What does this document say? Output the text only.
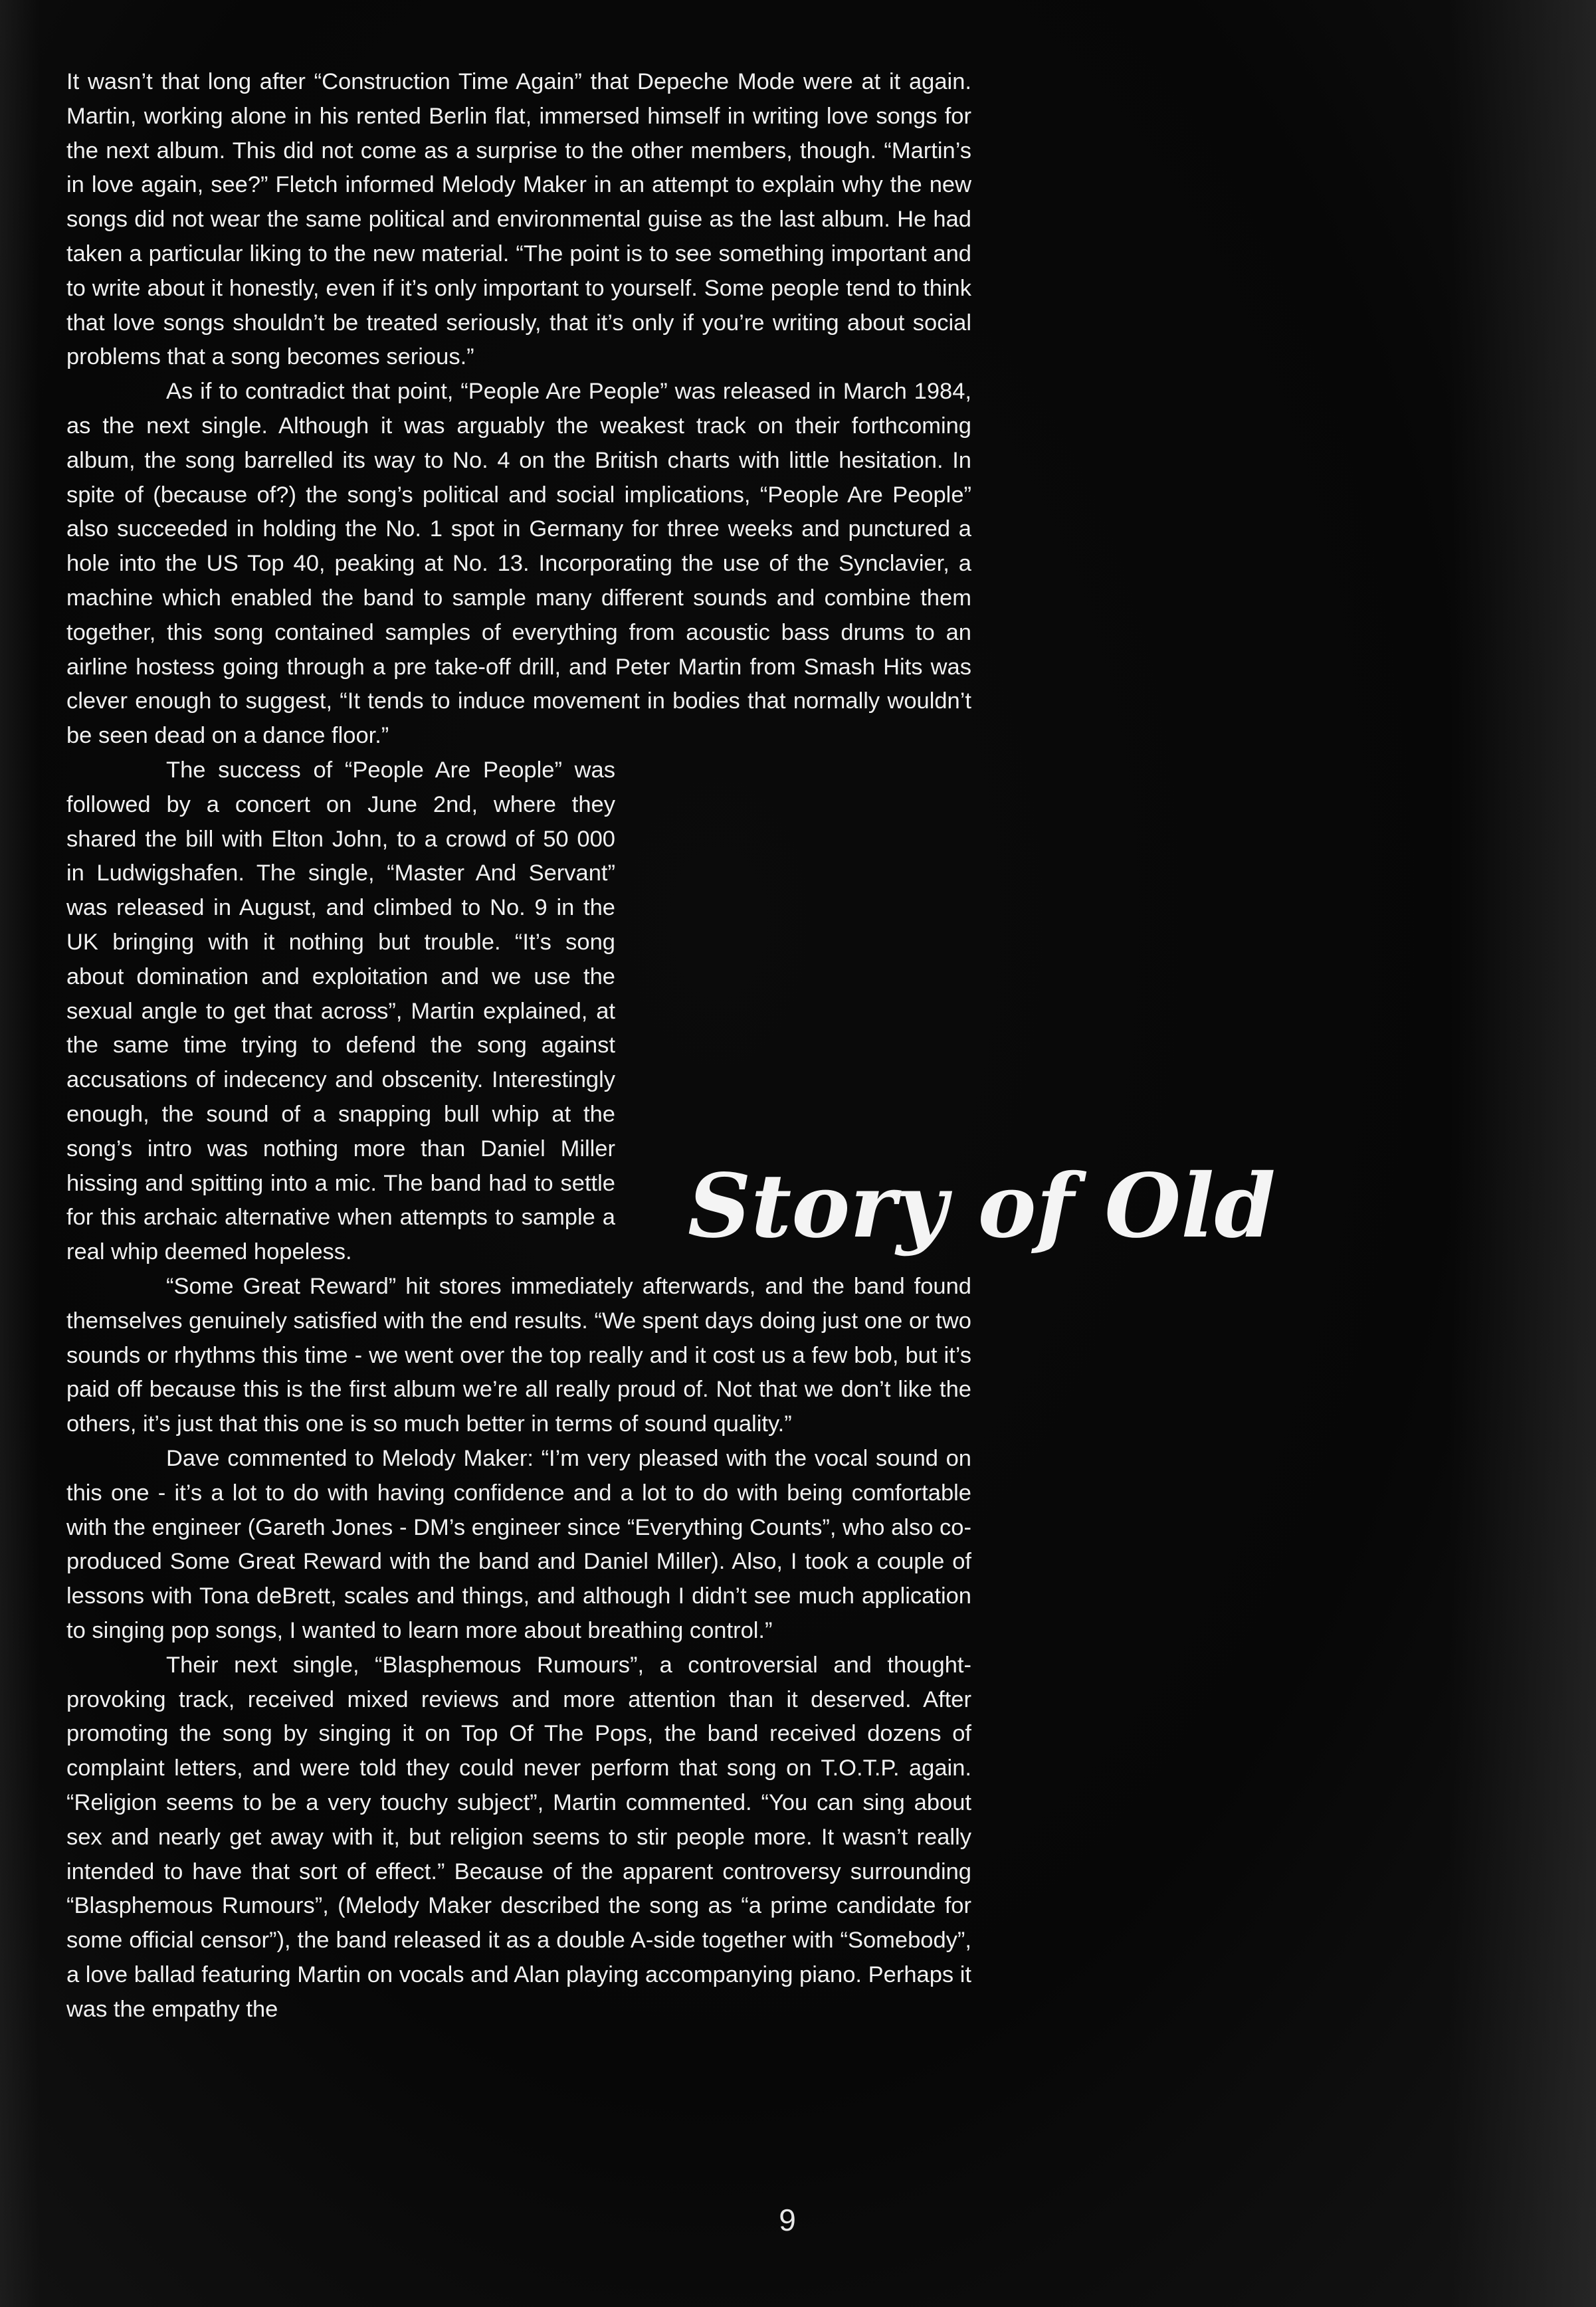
It wasn’t that long after “Construction Time Again” that Depeche Mode were at it again. Martin, working alone in his rented Berlin flat, immersed himself in writing love songs for the next album. This did not come as a surprise to the other members, though. “Martin’s in love again, see?” Fletch informed Melody Maker in an attempt to explain why the new songs did not wear the same political and environmental guise as the last album. He had taken a particular liking to the new material. “The point is to see something important and to write about it honestly, even if it’s only important to yourself. Some people tend to think that love songs shouldn’t be treated seriously, that it’s only if you’re writing about social problems that a song becomes serious.”

As if to contradict that point, “People Are People” was released in March 1984, as the next single. Although it was arguably the weakest track on their forthcoming album, the song barrelled its way to No. 4 on the British charts with little hesitation. In spite of (because of?) the song’s political and social implications, “People Are People” also succeeded in holding the No. 1 spot in Germany for three weeks and punctured a hole into the US Top 40, peaking at No. 13. Incorporating the use of the Synclavier, a machine which enabled the band to sample many different sounds and combine them together, this song contained samples of everything from acoustic bass drums to an airline hostess going through a pre take-off drill, and Peter Martin from Smash Hits was clever enough to suggest, “It tends to induce movement in bodies that normally wouldn’t be seen dead on a dance floor.”

The success of “People Are People” was followed by a concert on June 2nd, where they shared the bill with Elton John, to a crowd of 50 000 in Ludwigshafen. The single, “Master And Servant” was released in August, and climbed to No. 9 in the UK bringing with it nothing but trouble. “It’s song about domination and exploitation and we use the sexual angle to get that across”, Martin explained, at the same time trying to defend the song against accusations of indecency and obscenity. Interestingly enough, the sound of a snapping bull whip at the song’s intro was nothing more than Daniel Miller hissing and spitting into a mic. The band had to settle for this archaic alternative when attempts to sample a real whip deemed hopeless.

“Some Great Reward” hit stores immediately afterwards, and the band found themselves genuinely satisfied with the end results. “We spent days doing just one or two sounds or rhythms this time - we went over the top really and it cost us a few bob, but it’s paid off because this is the first album we’re all really proud of. Not that we don’t like the others, it’s just that this one is so much better in terms of sound quality.”

Dave commented to Melody Maker: “I’m very pleased with the vocal sound on this one - it’s a lot to do with having confidence and a lot to do with being comfortable with the engineer (Gareth Jones - DM’s engineer since “Everything Counts”, who also co-produced Some Great Reward with the band and Daniel Miller). Also, I took a couple of lessons with Tona deBrett, scales and things, and although I didn’t see much application to singing pop songs, I wanted to learn more about breathing control.”

Their next single, “Blasphemous Rumours”, a controversial and thought-provoking track, received mixed reviews and more attention than it deserved. After promoting the song by singing it on Top Of The Pops, the band received dozens of complaint letters, and were told they could never perform that song on T.O.T.P. again. “Religion seems to be a very touchy subject”, Martin commented. “You can sing about sex and nearly get away with it, but religion seems to stir people more. It wasn’t really intended to have that sort of effect.” Because of the apparent controversy surrounding “Blasphemous Rumours”, (Melody Maker described the song as “a prime candidate for some official censor”), the band released it as a double A-side together with “Somebody”, a love ballad featuring Martin on vocals and Alan playing accompanying piano. Perhaps it was the empathy the

Story of Old
9
